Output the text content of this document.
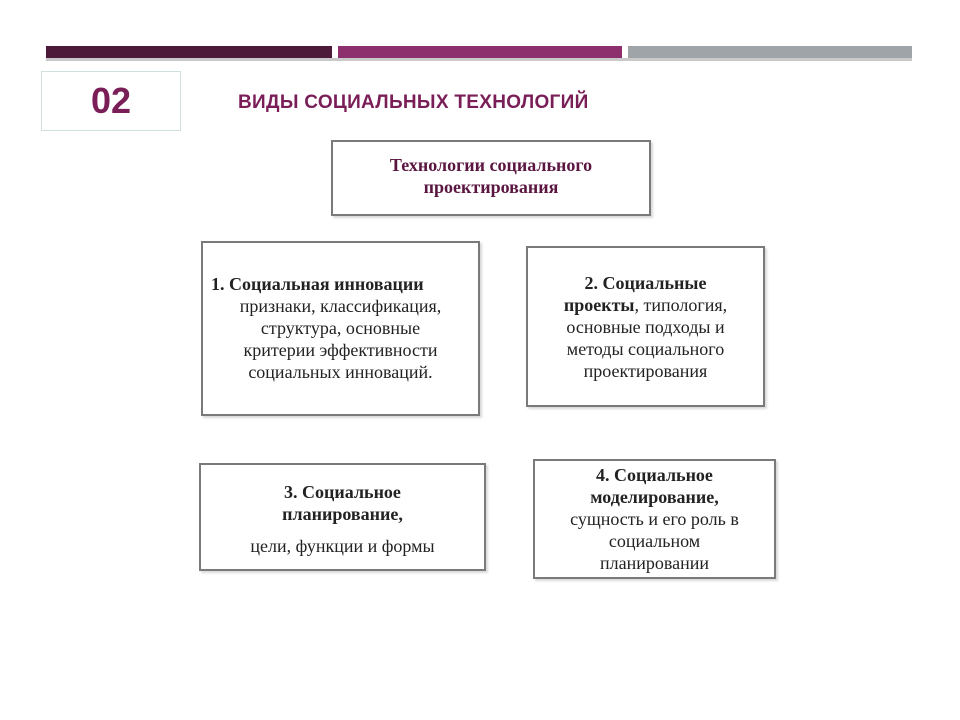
02	ВИДЫ СОЦИАЛЬНЫХ ТЕХНОЛОГИЙ
Технологии социального
проектирования
1. Социальная инновации
признаки, классификация,
структура, основные
критерии эффективности
социальных инноваций.
2. Социальные
проекты, типология,
основные подходы и
методы социального
проектирования
3. Социальное
планирование,
цели, функции и формы
4. Социальное
моделирование,
сущность и его роль в
социальном
планировании
